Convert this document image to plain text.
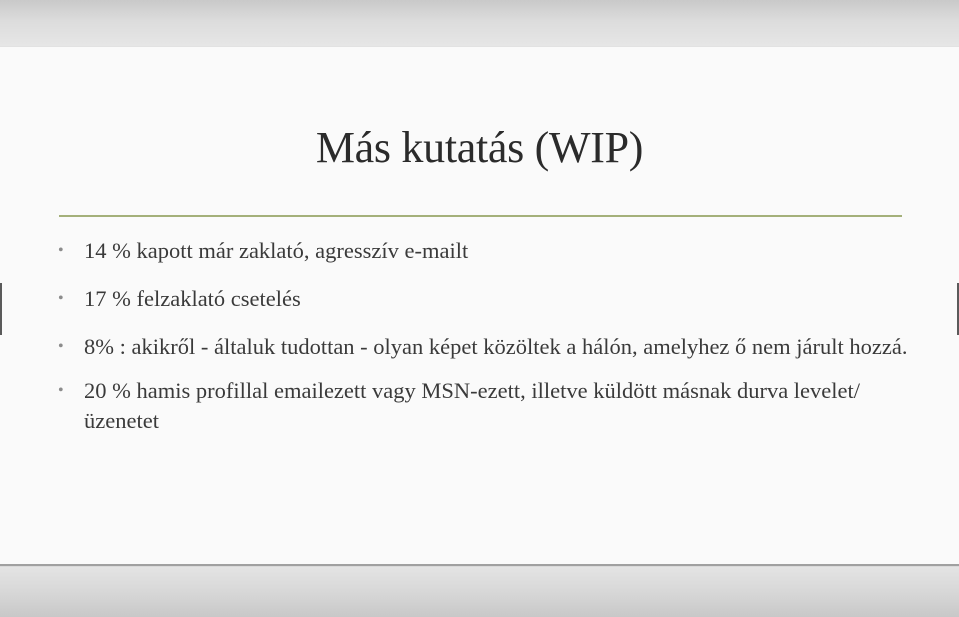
Más kutatás (WIP)
• 14 % kapott már zaklató, agresszív e-mailt
• 17 % felzaklató csetelés
• 8% : akikről - általuk tudottan - olyan képet közöltek a hálón, amelyhez ő nem járult hozzá.
• 20 % hamis profillal emailezett vagy MSN-ezett, illetve küldött másnak durva levelet/üzenetet
